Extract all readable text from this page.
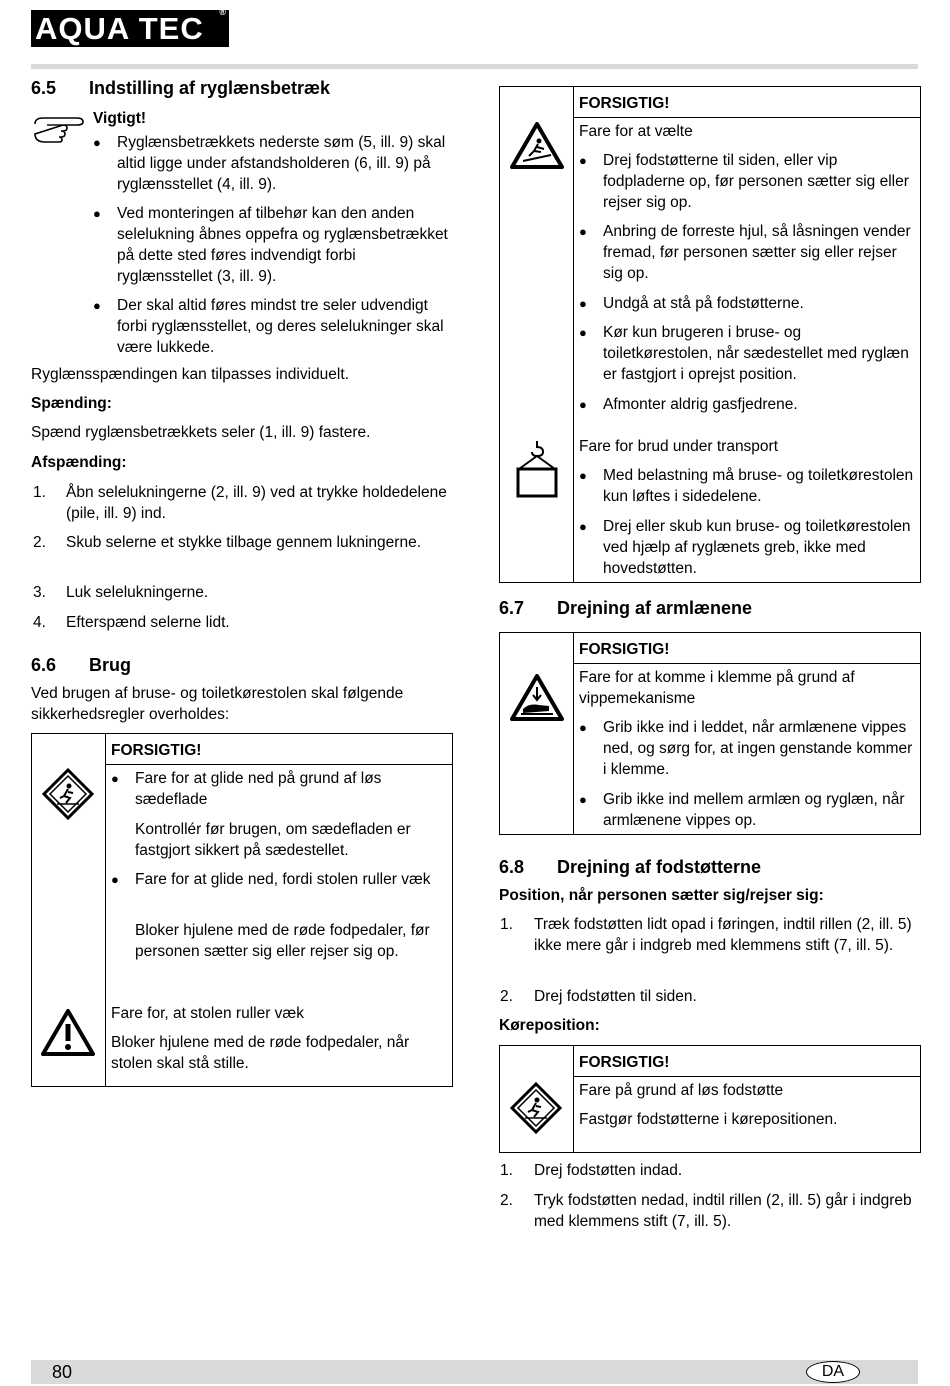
AQUA TEC ®
6.5 Indstilling af ryglænsbetræk
Vigtigt!
● Ryglænsbetrækkets nederste søm (5, ill. 9) skal altid ligge under afstandsholderen (6, ill. 9) på ryglænsstellet (4, ill. 9).
● Ved monteringen af tilbehør kan den anden selelukning åbnes oppefra og ryglænsbetrækket på dette sted føres indvendigt forbi ryglænsstellet (3, ill. 9).
● Der skal altid føres mindst tre seler udvendigt forbi ryglænsstellet, og deres selelukninger skal være lukkede.
Ryglænsspændingen kan tilpasses individuelt.
Spænding:
Spænd ryglænsbetrækkets seler (1, ill. 9) fastere.
Afspænding:
1. Åbn selelukningerne (2, ill. 9) ved at trykke holdedelene (pile, ill. 9) ind.
2. Skub selerne et stykke tilbage gennem lukningerne.
3. Luk selelukningerne.
4. Efterspænd selerne lidt.
6.6 Brug
Ved brugen af bruse- og toiletkørestolen skal følgende sikkerhedsregler overholdes:
FORSIGTIG!
● Fare for at glide ned på grund af løs sædeflade
Kontrollér før brugen, om sædefladen er fastgjort sikkert på sædestellet.
● Fare for at glide ned, fordi stolen ruller væk
Bloker hjulene med de røde fodpedaler, før personen sætter sig eller rejser sig op.
Fare for, at stolen ruller væk
Bloker hjulene med de røde fodpedaler, når stolen skal stå stille.
FORSIGTIG!
Fare for at vælte
● Drej fodstøtterne til siden, eller vip fodpladerne op, før personen sætter sig eller rejser sig op.
● Anbring de forreste hjul, så låsningen vender fremad, før personen sætter sig eller rejser sig op.
● Undgå at stå på fodstøtterne.
● Kør kun brugeren i bruse- og toiletkørestolen, når sædestellet med ryglæn er fastgjort i oprejst position.
● Afmonter aldrig gasfjedrene.
Fare for brud under transport
● Med belastning må bruse- og toiletkørestolen kun løftes i sidedelene.
● Drej eller skub kun bruse- og toiletkørestolen ved hjælp af ryglænets greb, ikke med hovedstøtten.
6.7 Drejning af armlænene
FORSIGTIG!
Fare for at komme i klemme på grund af vippemekanisme
● Grib ikke ind i leddet, når armlænene vippes ned, og sørg for, at ingen genstande kommer i klemme.
● Grib ikke ind mellem armlæn og ryglæn, når armlænene vippes op.
6.8 Drejning af fodstøtterne
Position, når personen sætter sig/rejser sig:
1. Træk fodstøtten lidt opad i føringen, indtil rillen (2, ill. 5) ikke mere går i indgreb med klemmens stift (7, ill. 5).
2. Drej fodstøtten til siden.
Køreposition:
FORSIGTIG!
Fare på grund af løs fodstøtte
Fastgør fodstøtterne i kørepositionen.
1. Drej fodstøtten indad.
2. Tryk fodstøtten nedad, indtil rillen (2, ill. 5) går i indgreb med klemmens stift (7, ill. 5).
80	DA
